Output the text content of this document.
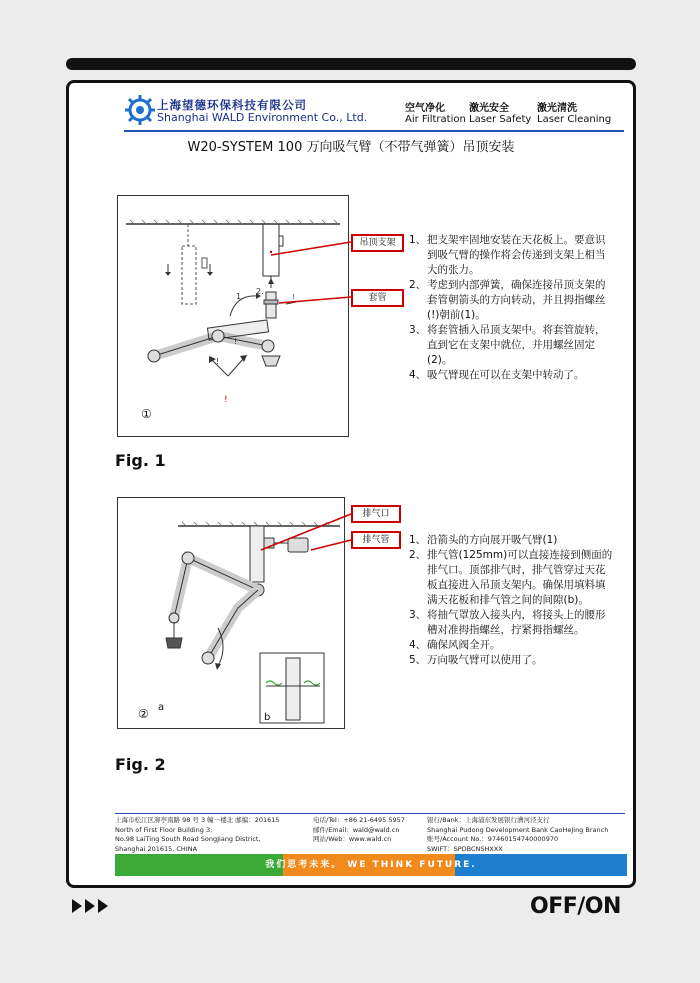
上海望德环保科技有限公司
Shanghai WALD Environment Co., Ltd.
空气净化
Air Filtration
激光安全
Laser Safety
激光清洗
Laser Cleaning
W20-SYSTEM 100 万向吸气臂（不带气弹簧）吊顶安装
!
!
!
!
1.
2.
①
吊顶支架
套管
1、 把支架牢固地安装在天花板上。要意识到吸气臂的操作将会传递到支架上相当大的张力。
2、 考虑到内部弹簧，确保连接吊顶支架的套管朝箭头的方向转动，并且拇指螺丝(!)朝前(1)。
3、 将套管插入吊顶支架中。将套管旋转，直到它在支架中就位，并用螺丝固定(2)。
4、 吸气臂现在可以在支架中转动了。
Fig. 1
② a
b
排气口
排气管	1、 沿箭头的方向展开吸气臂(1)
2、 排气管(125mm)可以直接连接到侧面的排气口。顶部排气时，排气管穿过天花板直接进入吊顶支架内。确保用填料填满天花板和排气管之间的间隙(b)。
3、 将抽气罩放入接头内，将接头上的腰形槽对准拇指螺丝，拧紧拇指螺丝。
4、 确保风阀全开。
5、 万向吸气臂可以使用了。
Fig. 2
上海市松江区泖亭南路 98 号 3 幢一楼北 邮编：201615
North of First Floor Building 3,
No.98 LaiTing South Road SongJiang District,
Shanghai 201615, CHINA
电话/Tel：+86 21-6495 5957
邮件/Email：wald@wald.cn
网站/Web：www.wald.cn
银行/Bank：上海浦东发展银行漕河泾支行
Shanghai Pudong Development Bank CaoHeJing Branch
账号/Account No.：97460154740000970
SWIFT：SPDBCNSHXXX
我们思考未来。 WE THINK FUTURE.
OFF/ON
